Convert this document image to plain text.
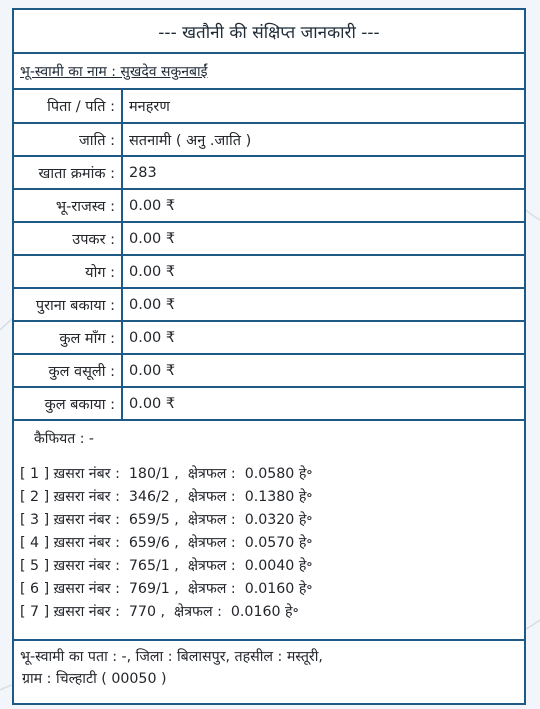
--- खतौनी की संक्षिप्त जानकारी ---
भू-स्वामी का नाम : सुखदेव सकुनबाईं
पिता / पति :	मनहरण
जाति :	सतनामी ( अनु .जाति )
खाता क्रमांक :	283
भू-राजस्व :	0.00 ₹
उपकर :	0.00 ₹
योग :	0.00 ₹
पुराना बकाया :	0.00 ₹
कुल माँग :	0.00 ₹
कुल वसूली :	0.00 ₹
कुल बकाया :	0.00 ₹
कैफियत : -
[ 1 ] ख़सरा नंबर :  180/1 ,  क्षेत्रफल :  0.0580 हे॰
[ 2 ] ख़सरा नंबर :  346/2 ,  क्षेत्रफल :  0.1380 हे॰
[ 3 ] ख़सरा नंबर :  659/5 ,  क्षेत्रफल :  0.0320 हे॰
[ 4 ] ख़सरा नंबर :  659/6 ,  क्षेत्रफल :  0.0570 हे॰
[ 5 ] ख़सरा नंबर :  765/1 ,  क्षेत्रफल :  0.0040 हे॰
[ 6 ] ख़सरा नंबर :  769/1 ,  क्षेत्रफल :  0.0160 हे॰
[ 7 ] ख़सरा नंबर :  770 ,  क्षेत्रफल :  0.0160 हे॰
भू-स्वामी का पता : -, जिला : बिलासपुर, तहसील : मस्तूरी,
ग्राम : चिल्हाटी ( 00050 )
